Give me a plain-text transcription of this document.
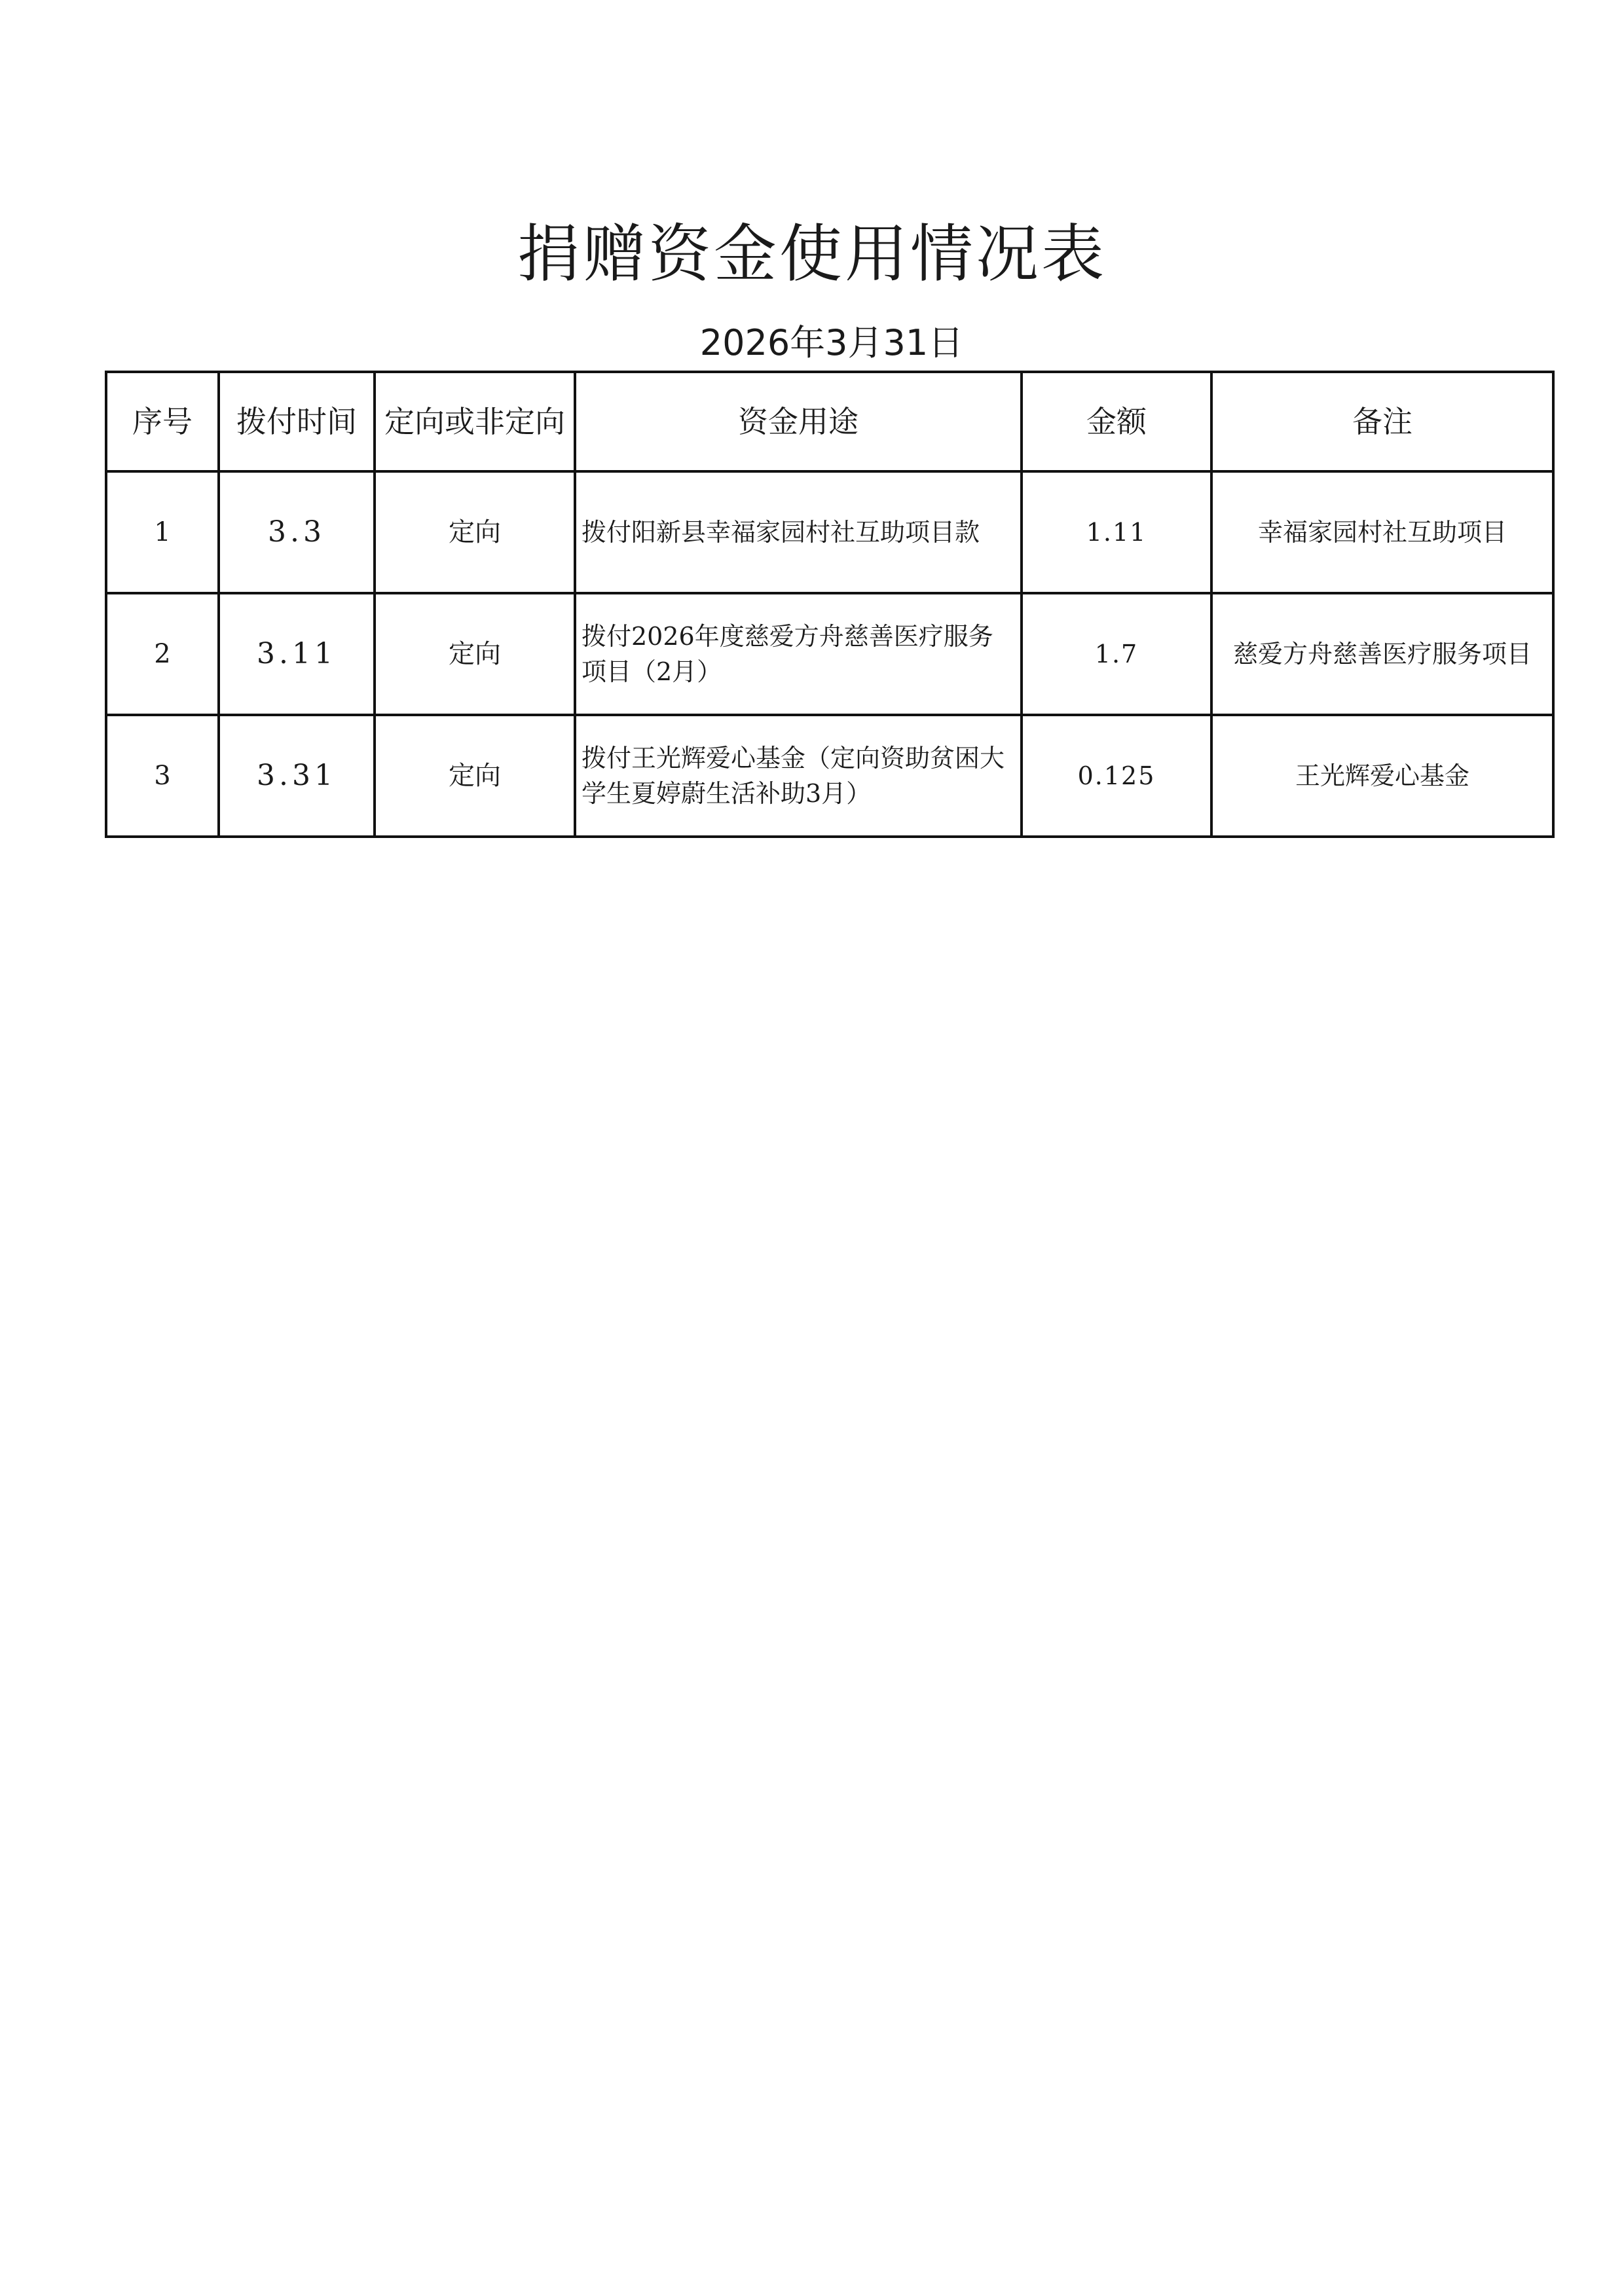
捐赠资金使用情况表
2026年3月31日
序号	拨付时间	定向或非定向	资金用途	金额	备注
1	3.3	定向	拨付阳新县幸福家园村社互助项目款	1.11	幸福家园村社互助项目
2	3.11	定向	拨付2026年度慈爱方舟慈善医疗服务项目（2月）	1.7	慈爱方舟慈善医疗服务项目
3	3.31	定向	拨付王光辉爱心基金（定向资助贫困大学生夏婷蔚生活补助3月）	0.125	王光辉爱心基金
